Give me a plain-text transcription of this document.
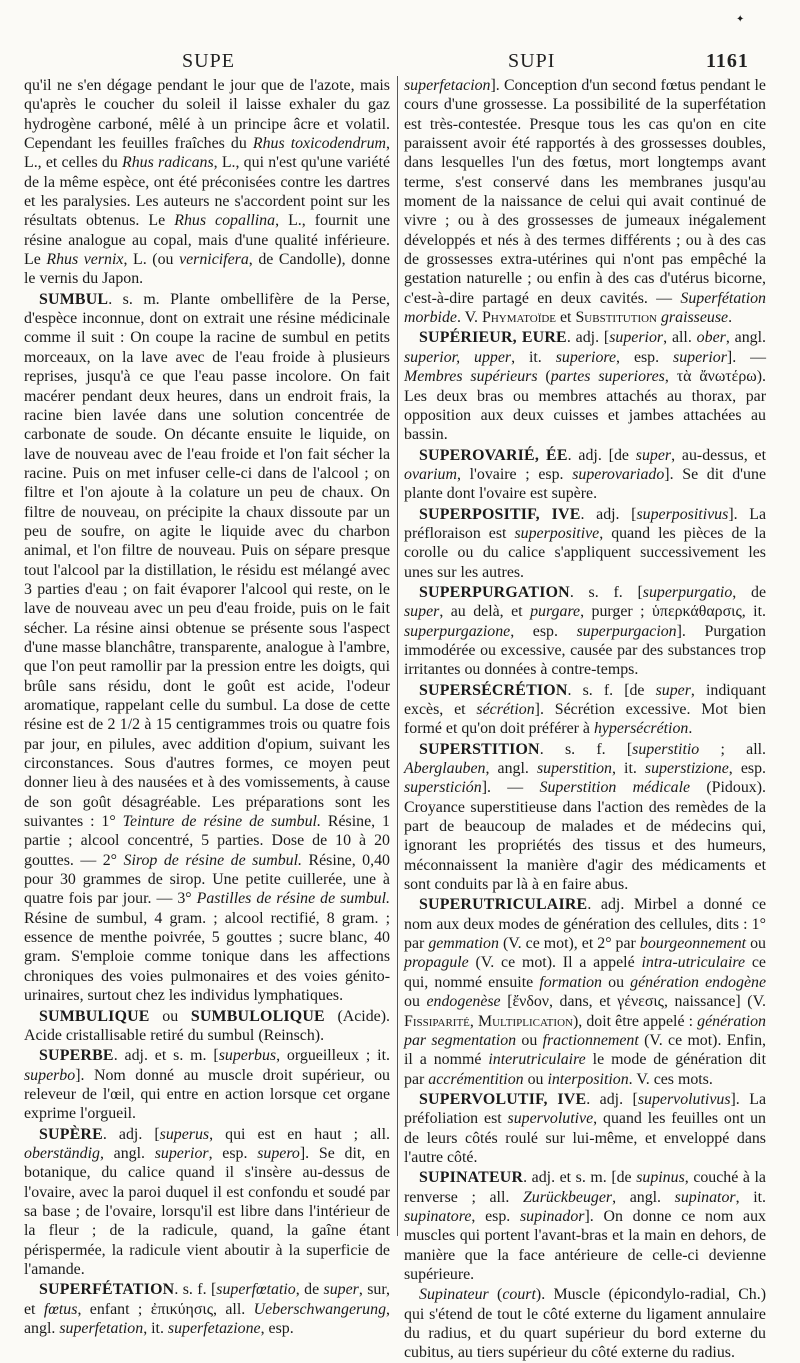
✦
SUPE	SUPI	1161

qu'il ne s'en dégage pendant le jour que de l'azote, mais qu'après le coucher du soleil il laisse exhaler du gaz hydrogène carboné, mêlé à un principe âcre et volatil. Cependant les feuilles fraîches du Rhus toxicodendrum, L., et celles du Rhus radicans, L., qui n'est qu'une variété de la même espèce, ont été préconisées contre les dartres et les paralysies. Les auteurs ne s'accordent point sur les résultats obtenus. Le Rhus copallina, L., fournit une résine analogue au copal, mais d'une qualité inférieure. Le Rhus vernix, L. (ou vernicifera, de Candolle), donne le vernis du Japon.

SUMBUL. s. m. Plante ombellifère de la Perse, d'espèce inconnue, dont on extrait une résine médicinale comme il suit : On coupe la racine de sumbul en petits morceaux, on la lave avec de l'eau froide à plusieurs reprises, jusqu'à ce que l'eau passe incolore. On fait macérer pendant deux heures, dans un endroit frais, la racine bien lavée dans une solution concentrée de carbonate de soude. On décante ensuite le liquide, on lave de nouveau avec de l'eau froide et l'on fait sécher la racine. Puis on met infuser celle-ci dans de l'alcool ; on filtre et l'on ajoute à la colature un peu de chaux. On filtre de nouveau, on précipite la chaux dissoute par un peu de soufre, on agite le liquide avec du charbon animal, et l'on filtre de nouveau. Puis on sépare presque tout l'alcool par la distillation, le résidu est mélangé avec 3 parties d'eau ; on fait évaporer l'alcool qui reste, on le lave de nouveau avec un peu d'eau froide, puis on le fait sécher. La résine ainsi obtenue se présente sous l'aspect d'une masse blanchâtre, transparente, analogue à l'ambre, que l'on peut ramollir par la pression entre les doigts, qui brûle sans résidu, dont le goût est acide, l'odeur aromatique, rappelant celle du sumbul. La dose de cette résine est de 2 1/2 à 15 centigrammes trois ou quatre fois par jour, en pilules, avec addition d'opium, suivant les circonstances. Sous d'autres formes, ce moyen peut donner lieu à des nausées et à des vomissements, à cause de son goût désagréable. Les préparations sont les suivantes : 1° Teinture de résine de sumbul. Résine, 1 partie ; alcool concentré, 5 parties. Dose de 10 à 20 gouttes. — 2° Sirop de résine de sumbul. Résine, 0,40 pour 30 grammes de sirop. Une petite cuillerée, une à quatre fois par jour. — 3° Pastilles de résine de sumbul. Résine de sumbul, 4 gram. ; alcool rectifié, 8 gram. ; essence de menthe poivrée, 5 gouttes ; sucre blanc, 40 gram. S'emploie comme tonique dans les affections chroniques des voies pulmonaires et des voies génito-urinaires, surtout chez les individus lymphatiques.

SUMBULIQUE ou SUMBULOLIQUE (Acide). Acide cristallisable retiré du sumbul (Reinsch).

SUPERBE. adj. et s. m. [superbus, orgueilleux ; it. superbo]. Nom donné au muscle droit supérieur, ou releveur de l'œil, qui entre en action lorsque cet organe exprime l'orgueil.

SUPÈRE. adj. [superus, qui est en haut ; all. oberständig, angl. superior, esp. supero]. Se dit, en botanique, du calice quand il s'insère au-dessus de l'ovaire, avec la paroi duquel il est confondu et soudé par sa base ; de l'ovaire, lorsqu'il est libre dans l'intérieur de la fleur ; de la radicule, quand, la gaîne étant périspermée, la radicule vient aboutir à la superficie de l'amande.

SUPERFÉTATION. s. f. [superfœtatio, de super, sur, et fœtus, enfant ; ἐπικύησις, all. Ueberschwangerung, angl. superfetation, it. superfetazione, esp.

superfetacion]. Conception d'un second fœtus pendant le cours d'une grossesse. La possibilité de la superfétation est très-contestée. Presque tous les cas qu'on en cite paraissent avoir été rapportés à des grossesses doubles, dans lesquelles l'un des fœtus, mort longtemps avant terme, s'est conservé dans les membranes jusqu'au moment de la naissance de celui qui avait continué de vivre ; ou à des grossesses de jumeaux inégalement développés et nés à des termes différents ; ou à des cas de grossesses extra-utérines qui n'ont pas empêché la gestation naturelle ; ou enfin à des cas d'utérus bicorne, c'est-à-dire partagé en deux cavités. — Superfétation morbide. V. Phymatoïde et Substitution graisseuse.

SUPÉRIEUR, EURE. adj. [superior, all. ober, angl. superior, upper, it. superiore, esp. superior]. — Membres supérieurs (partes superiores, τὰ ἄνωτέρω). Les deux bras ou membres attachés au thorax, par opposition aux deux cuisses et jambes attachées au bassin.

SUPEROVARIÉ, ÉE. adj. [de super, au-dessus, et ovarium, l'ovaire ; esp. superovariado]. Se dit d'une plante dont l'ovaire est supère.

SUPERPOSITIF, IVE. adj. [superpositivus]. La préfloraison est superpositive, quand les pièces de la corolle ou du calice s'appliquent successivement les unes sur les autres.

SUPERPURGATION. s. f. [superpurgatio, de super, au delà, et purgare, purger ; ὑπερκάθαρσις, it. superpurgazione, esp. superpurgacion]. Purgation immodérée ou excessive, causée par des substances trop irritantes ou données à contre-temps.

SUPERSÉCRÉTION. s. f. [de super, indiquant excès, et sécrétion]. Sécrétion excessive. Mot bien formé et qu'on doit préférer à hypersécrétion.

SUPERSTITION. s. f. [superstitio ; all. Aberglauben, angl. superstition, it. superstizione, esp. superstición]. — Superstition médicale (Pidoux). Croyance superstitieuse dans l'action des remèdes de la part de beaucoup de malades et de médecins qui, ignorant les propriétés des tissus et des humeurs, méconnaissent la manière d'agir des médicaments et sont conduits par là à en faire abus.

SUPERUTRICULAIRE. adj. Mirbel a donné ce nom aux deux modes de génération des cellules, dits : 1° par gemmation (V. ce mot), et 2° par bourgeonnement ou propagule (V. ce mot). Il a appelé intra-utriculaire ce qui, nommé ensuite formation ou génération endogène ou endogenèse [ἔνδον, dans, et γένεσις, naissance] (V. Fissiparité, Multiplication), doit être appelé : génération par segmentation ou fractionnement (V. ce mot). Enfin, il a nommé interutriculaire le mode de génération dit par accrémentition ou interposition. V. ces mots.

SUPERVOLUTIF, IVE. adj. [supervolutivus]. La préfoliation est supervolutive, quand les feuilles ont un de leurs côtés roulé sur lui-même, et enveloppé dans l'autre côté.

SUPINATEUR. adj. et s. m. [de supinus, couché à la renverse ; all. Zurückbeuger, angl. supinator, it. supinatore, esp. supinador]. On donne ce nom aux muscles qui portent l'avant-bras et la main en dehors, de manière que la face antérieure de celle-ci devienne supérieure.

Supinateur (court). Muscle (épicondylo-radial, Ch.) qui s'étend de tout le côté externe du ligament annulaire du radius, et du quart supérieur du bord externe du cubitus, au tiers supérieur du côté externe du radius.
